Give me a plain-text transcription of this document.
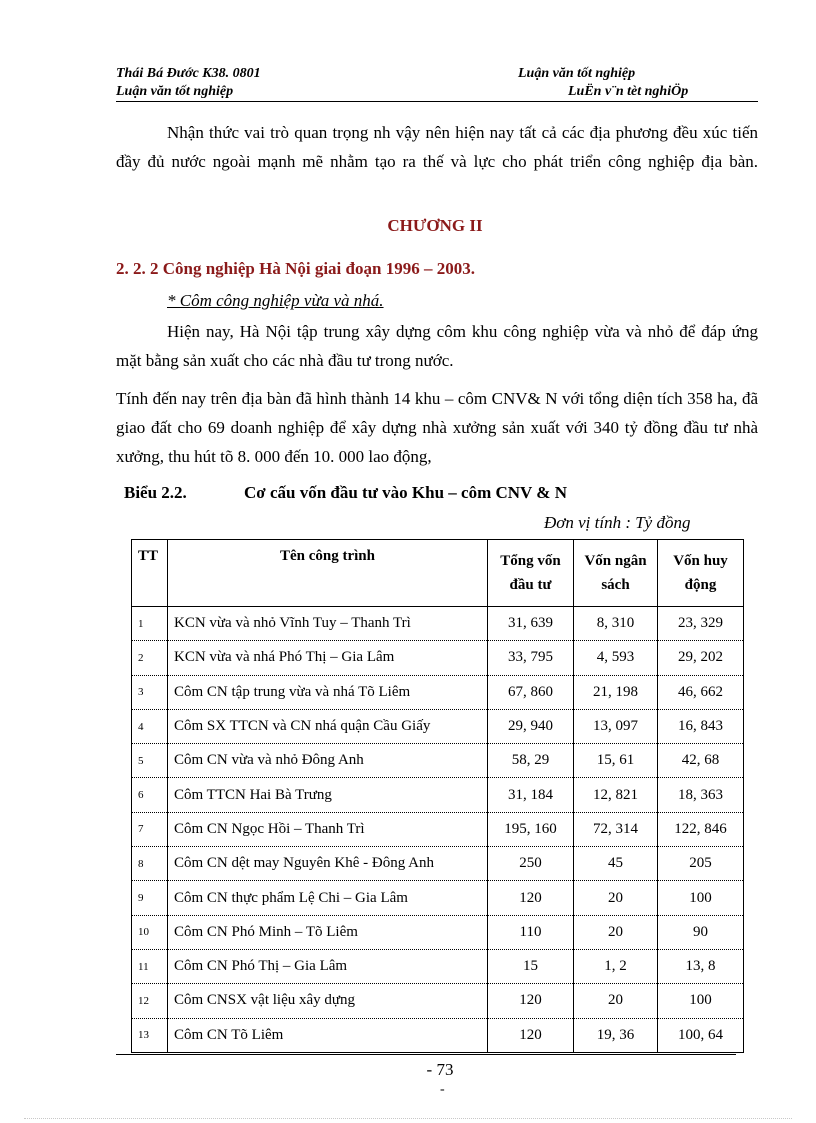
Thái Bá Đước K38. 0801	Luận văn tốt nghiệp
Luận văn tốt nghiệp	LuËn v¨n tèt nghiÖp

Nhận thức vai trò quan trọng nh vậy nên hiện nay tất cả các địa phương đều xúc tiến đầy đủ nước ngoài mạnh mẽ nhằm tạo ra thế và lực cho phát triển công nghiệp địa bàn.

CHƯƠNG II
2. 2. 2 Công nghiệp Hà Nội giai đoạn 1996 – 2003.
* Côm công nghiệp vừa và nhá.

Hiện nay, Hà Nội tập trung xây dựng côm khu công nghiệp vừa và nhỏ để đáp ứng mặt bằng sản xuất cho các nhà đầu tư trong nước.

Tính đến nay trên địa bàn đã hình thành 14 khu – côm CNV& N với tổng diện tích 358 ha, đã giao đất cho 69 doanh nghiệp để xây dựng nhà xưởng sản xuất với 340 tỷ đồng đầu tư nhà xưởng, thu hút tõ 8. 000 đến 10. 000 lao động,

Biểu 2.2.	Cơ cấu vốn đầu tư vào Khu – côm CNV & N
Đơn vị tính : Tỷ đồng
TT	Tên công trình	Tổng vốn đầu tư	Vốn ngân sách	Vốn huy động
1	KCN vừa và nhỏ Vĩnh Tuy – Thanh Trì	31, 639	8, 310	23, 329
2	KCN vừa và nhá Phó Thị – Gia Lâm	33, 795	4, 593	29, 202
3	Côm CN tập trung vừa và nhá Tõ Liêm	67, 860	21, 198	46, 662
4	Côm SX TTCN và CN nhá quận Cầu Giấy	29, 940	13, 097	16, 843
5	Côm CN vừa và nhỏ Đông Anh	58, 29	15, 61	42, 68
6	Côm TTCN Hai Bà Trưng	31, 184	12, 821	18, 363
7	Côm CN Ngọc Hồi – Thanh Trì	195, 160	72, 314	122, 846
8	Côm CN dệt may Nguyên Khê - Đông Anh	250	45	205
9	Côm CN thực phẩm Lệ Chi – Gia Lâm	120	20	100
10	Côm CN Phó Minh – Tõ Liêm	110	20	90
11	Côm CN Phó Thị – Gia Lâm	15	1, 2	13, 8
12	Côm CNSX vật liệu xây dựng	120	20	100
13	Côm CN Tõ Liêm	120	19, 36	100, 64
- 73
-
